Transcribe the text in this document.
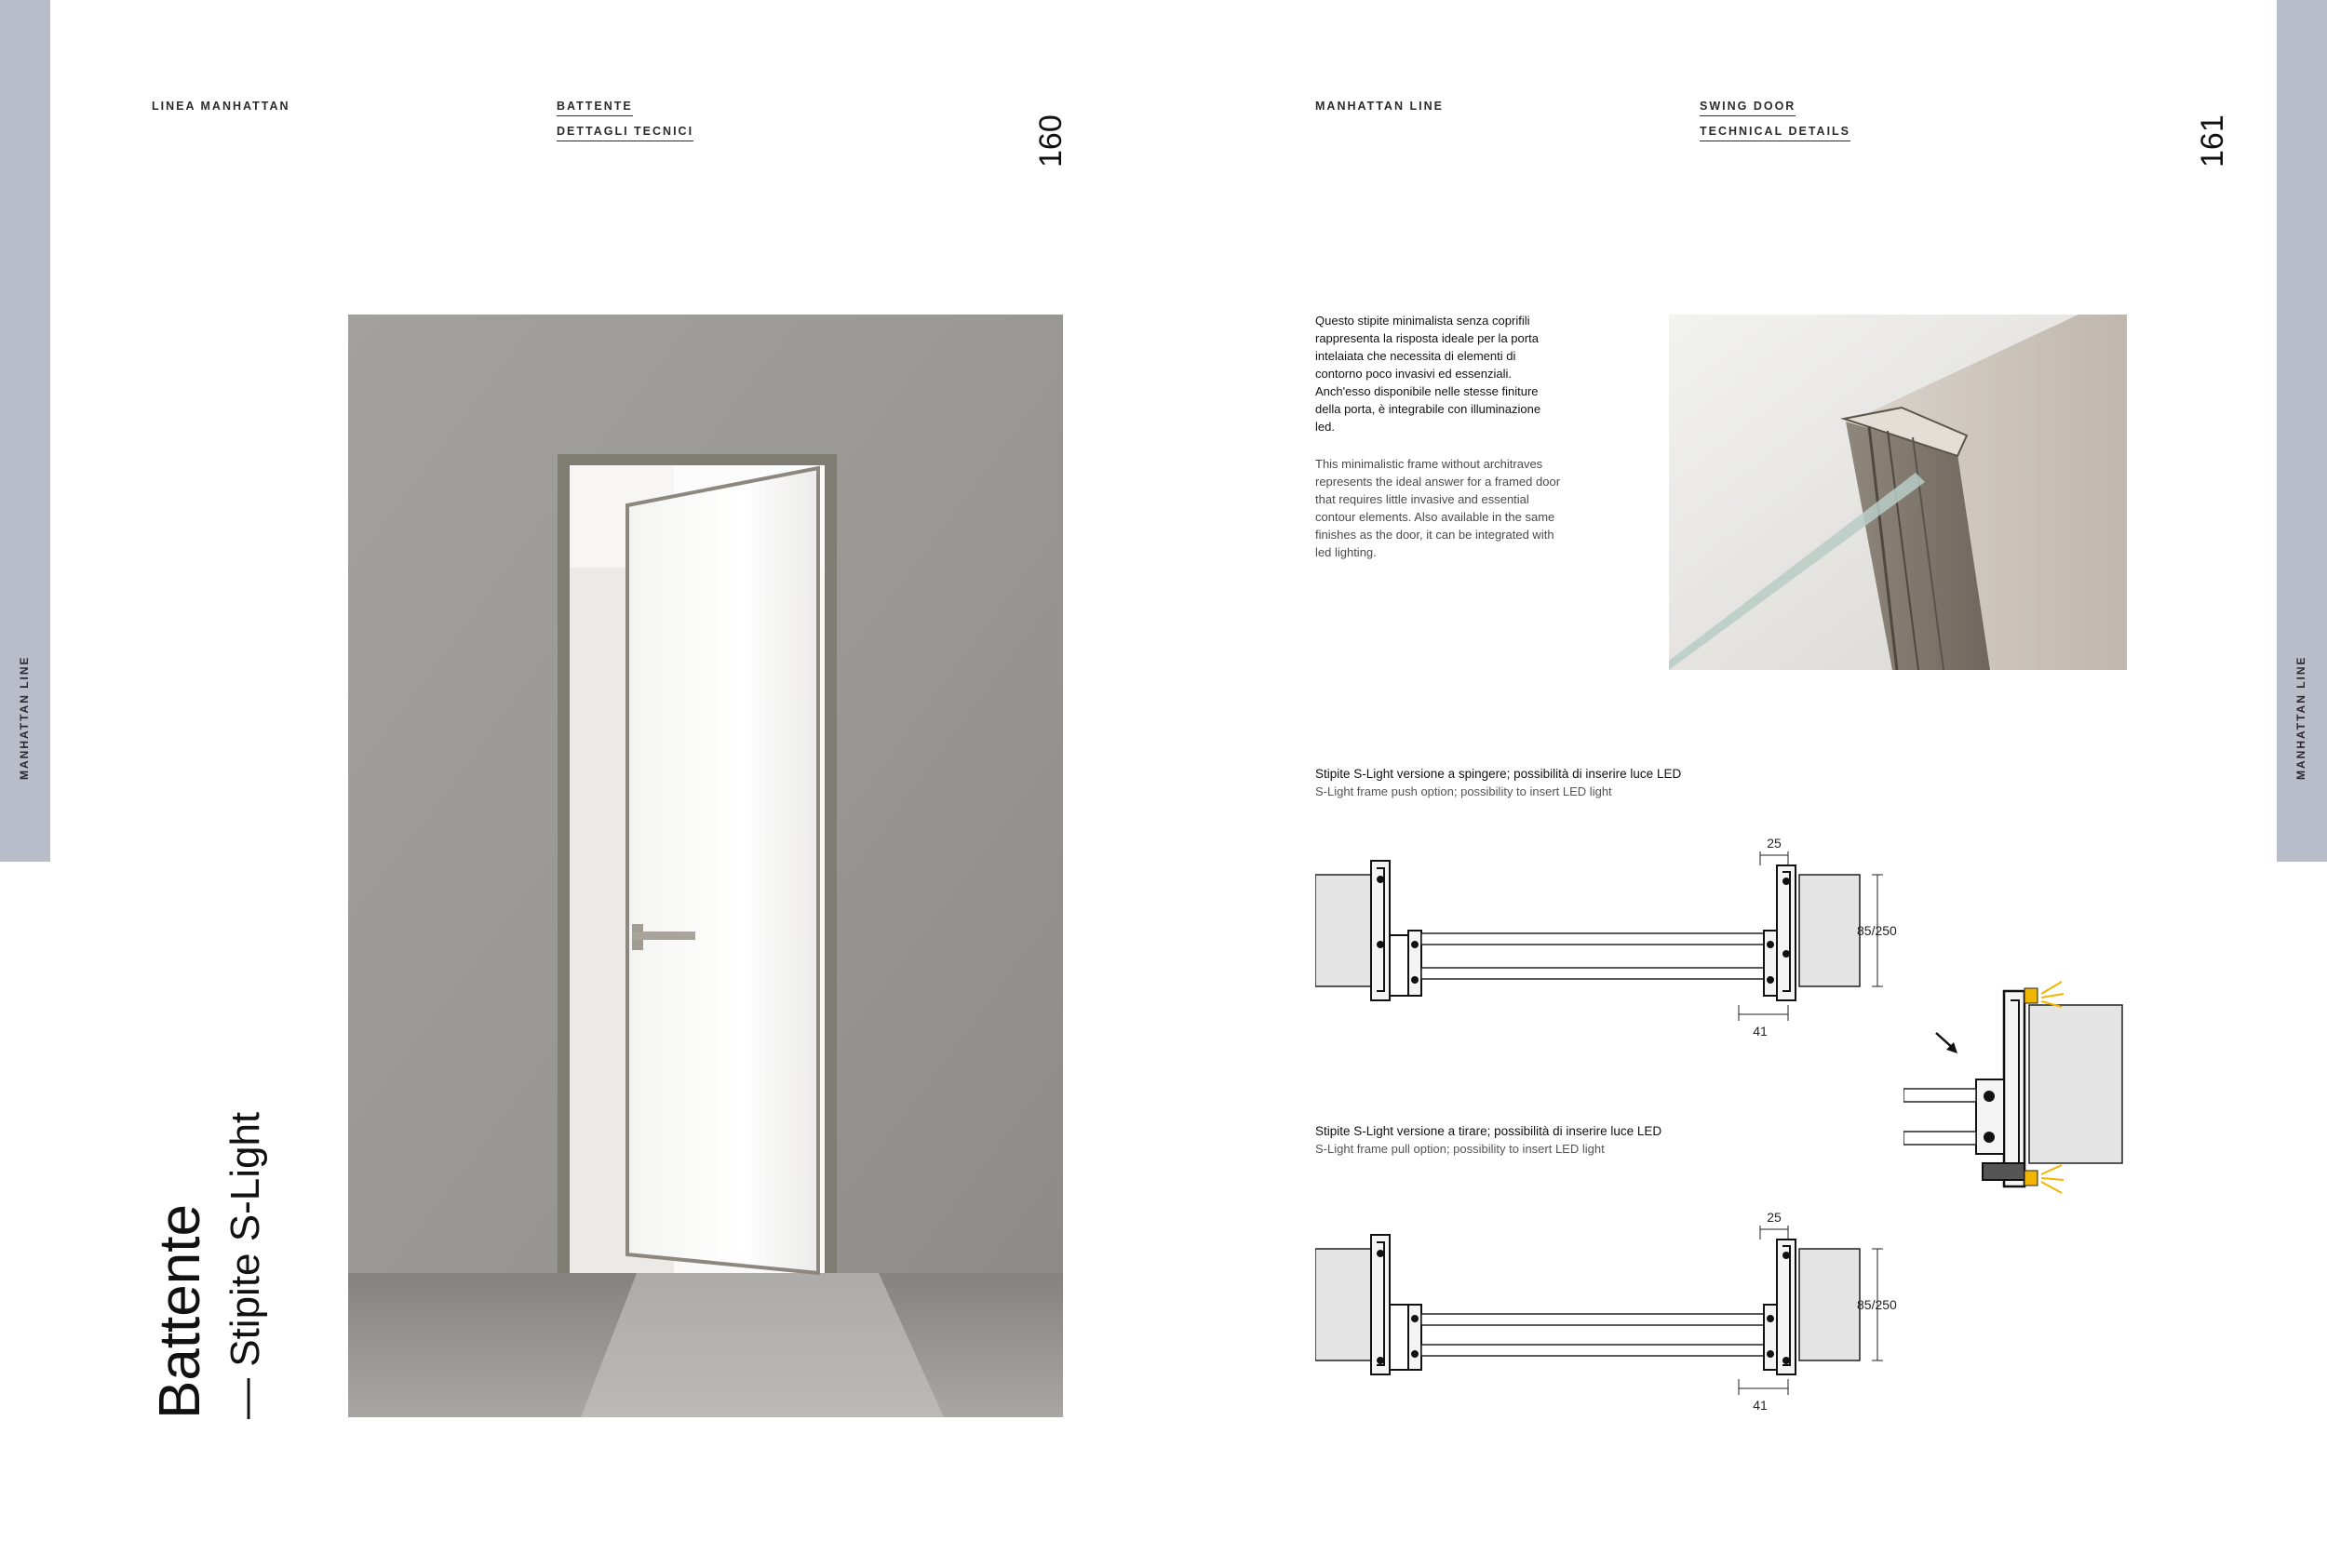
MANHATTAN LINE
LINEA MANHATTAN	BATTENTE
DETTAGLI TECNICI	160
Battente — Stipite S-Light
MANHATTAN LINE
MANHATTAN LINE	SWING DOOR
TECHNICAL DETAILS	161
Questo stipite minimalista senza coprifili rappresenta la risposta ideale per la porta intelaiata che necessita di elementi di contorno poco invasivi ed essenziali. Anch'esso disponibile nelle stesse finiture della porta, è integrabile con illuminazione led.
This minimalistic frame without architraves represents the ideal answer for a framed door that requires little invasive and essential contour elements. Also available in the same finishes as the door, it can be integrated with led lighting.
Stipite S-Light versione a spingere; possibilità di inserire luce LED
S-Light frame push option; possibility to insert LED light
25
85/250
41
Stipite S-Light versione a tirare; possibilità di inserire luce LED
S-Light frame pull option; possibility to insert LED light
25
85/250
41
